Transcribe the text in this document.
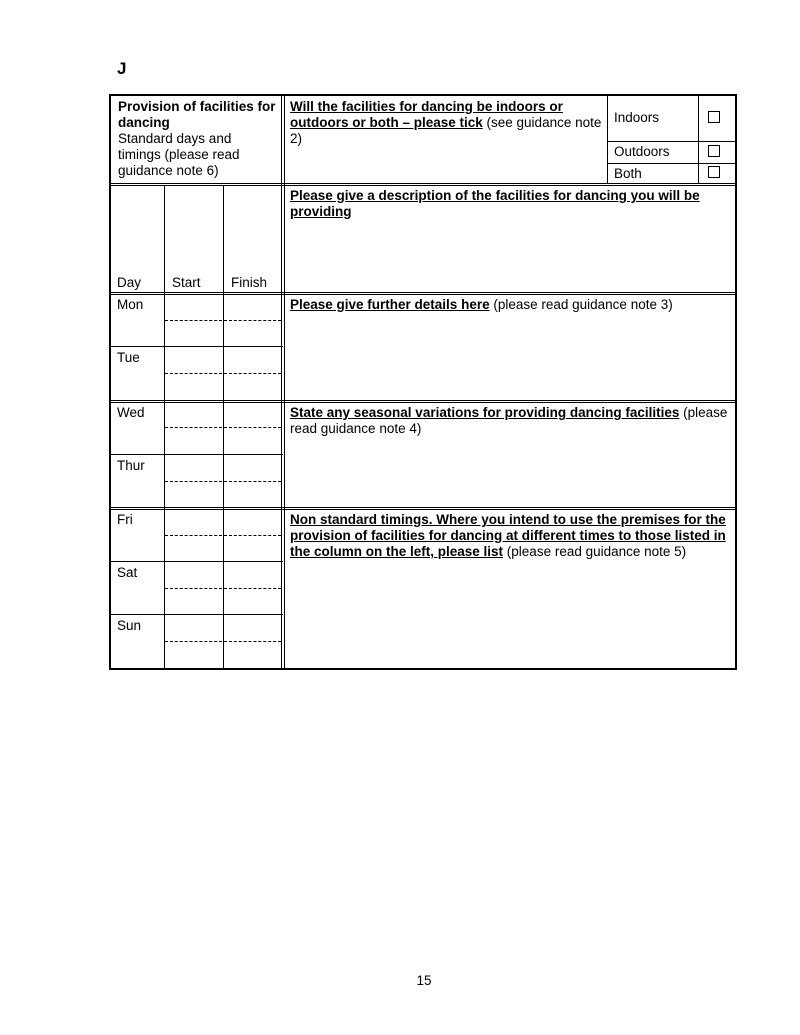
J
Provision of facilities for dancing
Standard days and timings (please read guidance note 6)
Will the facilities for dancing be indoors or outdoors or both – please tick (see guidance note 2)
Indoors
Outdoors
Both
Day Start Finish
Mon
Tue
Wed
Thur
Fri
Sat
Sun
Please give a description of the facilities for dancing you will be providing
Please give further details here (please read guidance note 3)
State any seasonal variations for providing dancing facilities (please read guidance note 4)
Non standard timings. Where you intend to use the premises for the provision of facilities for dancing at different times to those listed in the column on the left, please list (please read guidance note 5)
15
